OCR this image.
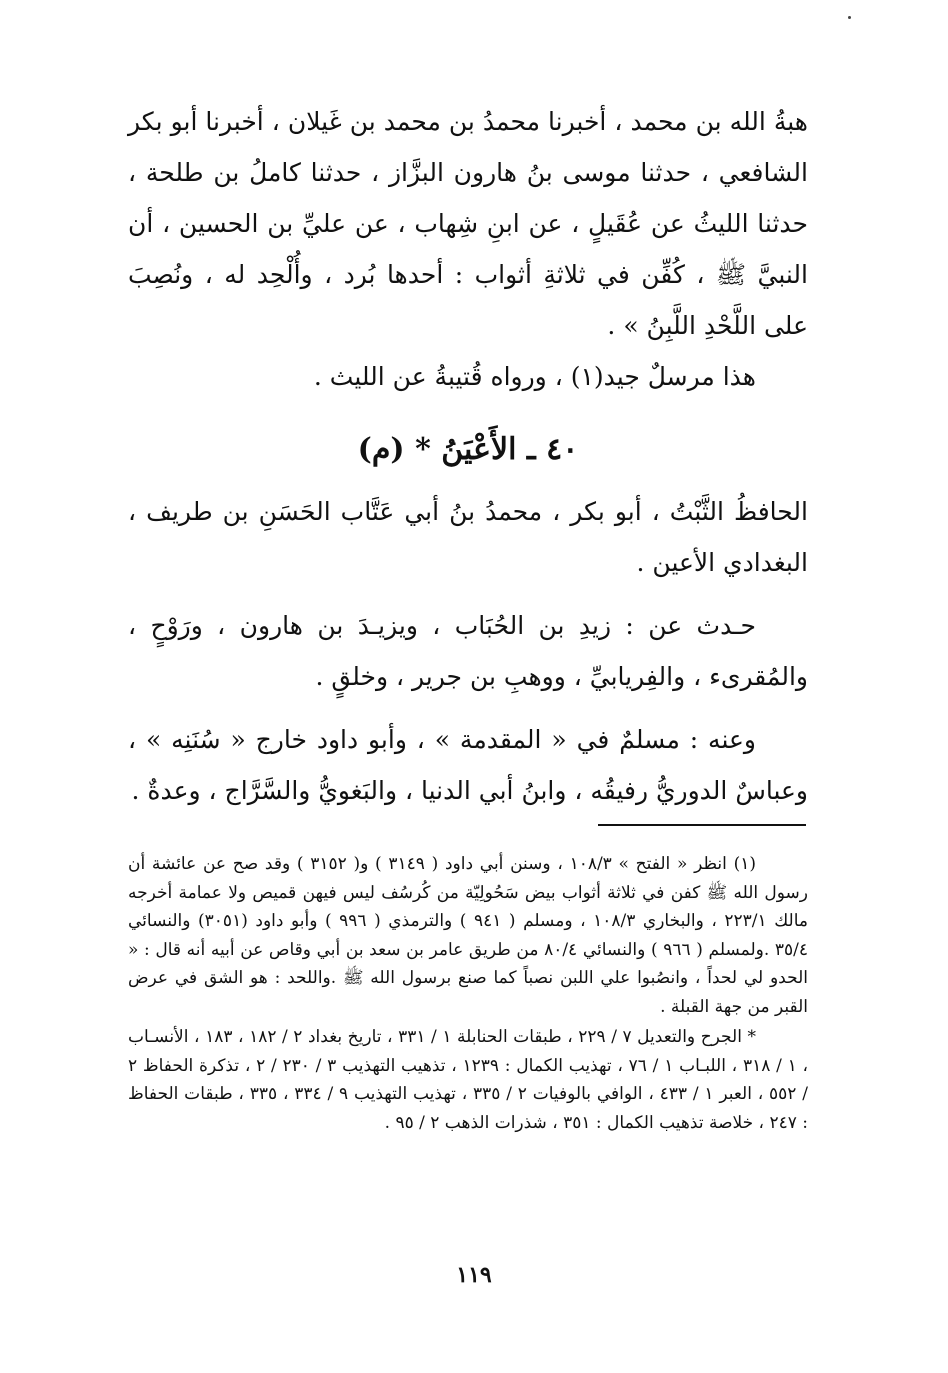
هبةُ الله بن محمد ، أخبرنا محمدُ بن محمد بن غَيلان ، أخبرنا أبو بكر الشافعي ، حدثنا موسى بنُ هارون البزَّاز ، حدثنا كاملُ بن طلحة ، حدثنا الليثُ عن عُقَيلٍ ، عن ابنِ شِهاب ، عن عليِّ بن الحسين ، أن النبيَّ ﷺ ، كُفِّن في ثلاثةِ أثواب : أحدها بُرد ، وأُلْحِد له ، ونُصِبَ على اللَّحْدِ اللَّبِنُ » .

هذا مرسلٌ جيد(١) ، ورواه قُتيبةُ عن الليث .

٤٠ ـ الأَعْيَنُ * (م)

الحافظُ الثَّبْتُ ، أبو بكر ، محمدُ بنُ أبي عَتَّاب الحَسَنِ بن طريف ، البغدادي الأعين .

حـدث عن : زيدِ بن الحُبَاب ، ويزيـدَ بن هارون ، ورَوْحٍ ، والمُقرىء ، والفِريابيِّ ، ووهبِ بن جرير ، وخلقٍ .

وعنه : مسلمٌ في « المقدمة » ، وأبو داود خارج « سُنَنِه » ، وعباسٌ الدوريُّ رفيقُه ، وابنُ أبي الدنيا ، والبَغويُّ والسَّرَّاج ، وعدةٌ .

(١) انظر « الفتح » ١٠٨/٣ ، وسنن أبي داود ( ٣١٤٩ ) و( ٣١٥٢ ) وقد صح عن عائشة أن رسول الله ﷺ كفن في ثلاثة أثواب بيض سَحُولِيّة من كُرسُف ليس فيهن قميص ولا عمامة أخرجه مالك ٢٢٣/١ ، والبخاري ١٠٨/٣ ، ومسلم ( ٩٤١ ) والترمذي ( ٩٩٦ ) وأبو داود (٣٠٥١) والنسائي ٣٥/٤ .ولمسلم ( ٩٦٦ ) والنسائي ٨٠/٤ من طريق عامر بن سعد بن أبي وقاص عن أبيه أنه قال : « الحدو لي لحداً ، وانصُبوا علي اللبن نصباً كما صنع برسول الله ﷺ .واللحد : هو الشق في عرض القبر من جهة القبلة .

* الجرح والتعديل ٧ / ٢٢٩ ، طبقات الحنابلة ١ / ٣٣١ ، تاريخ بغداد ٢ / ١٨٢ ، ١٨٣ ، الأنسـاب ، ١ / ٣١٨ ، اللبـاب ١ / ٧٦ ، تهذيب الكمال : ١٢٣٩ ، تذهيب التهذيب ٣ / ٢٣٠ / ٢ ، تذكرة الحفاظ ٢ / ٥٥٢ ، العبر ١ / ٤٣٣ ، الوافي بالوفيات ٢ / ٣٣٥ ، تهذيب التهذيب ٩ / ٣٣٤ ، ٣٣٥ ، طبقات الحفاظ : ٢٤٧ ، خلاصة تذهيب الكمال : ٣٥١ ، شذرات الذهب ٢ / ٩٥ .

١١٩
